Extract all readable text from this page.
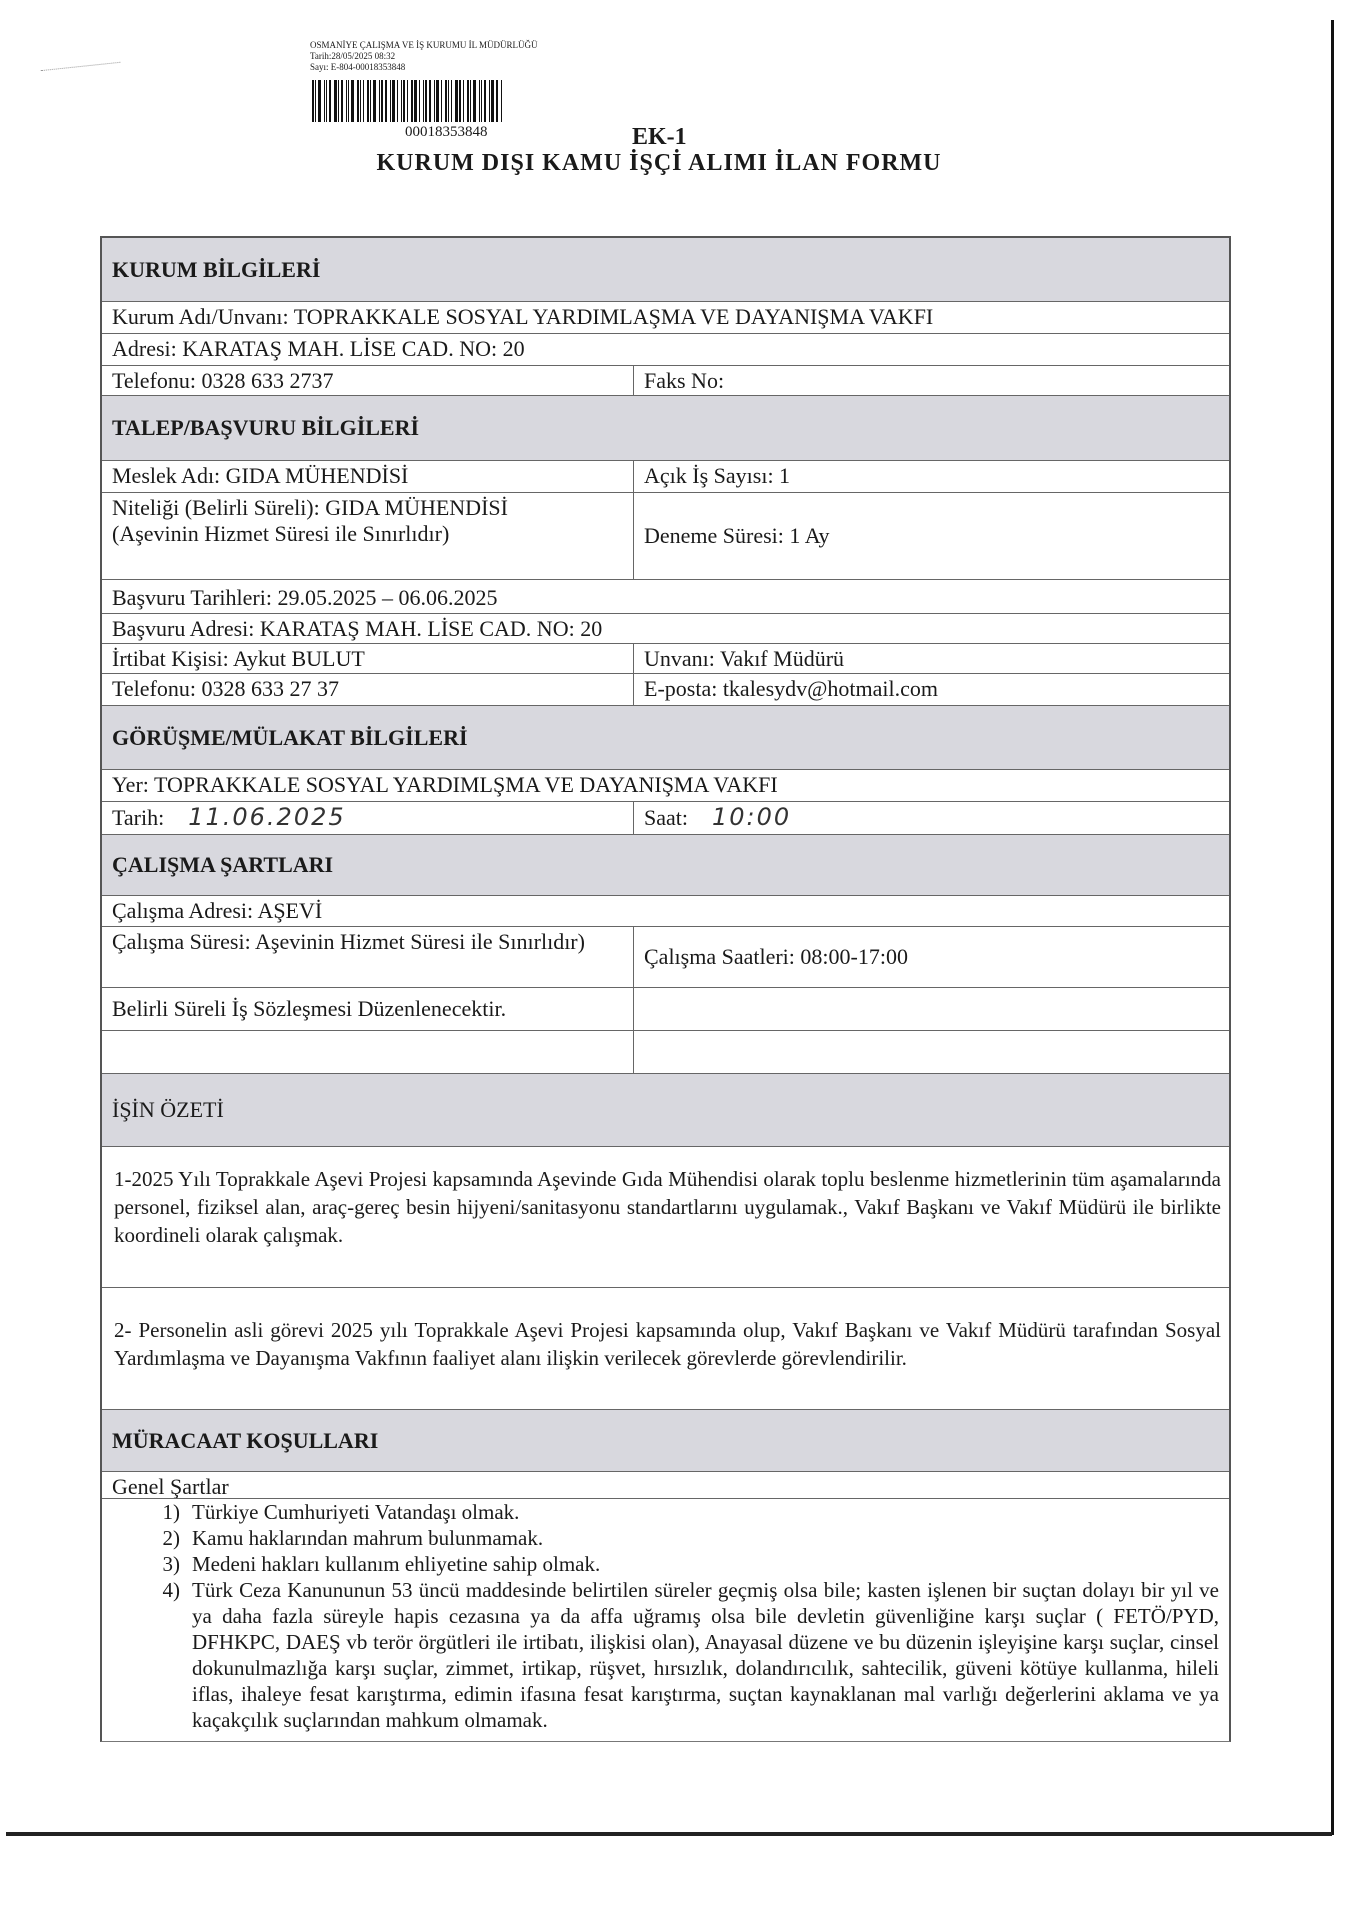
OSMANİYE ÇALIŞMA VE İŞ KURUMU İL MÜDÜRLÜĞÜ
Tarih:28/05/2025 08:32
Sayı: E-804-00018353848
00018353848	EK-1
KURUM DIŞI KAMU İŞÇİ ALIMI İLAN FORMU
KURUM BİLGİLERİ
Kurum Adı/Unvanı: TOPRAKKALE SOSYAL YARDIMLAŞMA VE DAYANIŞMA VAKFI
Adresi: KARATAŞ MAH. LİSE CAD. NO: 20
Telefonu: 0328 633 2737	Faks No:
TALEP/BAŞVURU BİLGİLERİ
Meslek Adı: GIDA MÜHENDİSİ	Açık İş Sayısı: 1
Niteliği (Belirli Süreli): GIDA MÜHENDİSİ
(Aşevinin Hizmet Süresi ile Sınırlıdır)	Deneme Süresi: 1 Ay
Başvuru Tarihleri: 29.05.2025 – 06.06.2025
Başvuru Adresi: KARATAŞ MAH. LİSE CAD. NO: 20
İrtibat Kişisi: Aykut BULUT	Unvanı: Vakıf Müdürü
Telefonu: 0328 633 27 37	E-posta: tkalesydv@hotmail.com
GÖRÜŞME/MÜLAKAT BİLGİLERİ
Yer: TOPRAKKALE SOSYAL YARDIMLŞMA VE DAYANIŞMA VAKFI
Tarih: 11.06.2025	Saat: 10:00
ÇALIŞMA ŞARTLARI
Çalışma Adresi: AŞEVİ
Çalışma Süresi: Aşevinin Hizmet Süresi ile Sınırlıdır)
Çalışma Saatleri: 08:00-17:00
Belirli Süreli İş Sözleşmesi Düzenlenecektir.
İŞİN ÖZETİ
1-2025 Yılı Toprakkale Aşevi Projesi kapsamında Aşevinde Gıda Mühendisi olarak toplu beslenme hizmetlerinin tüm aşamalarında personel, fiziksel alan, araç-gereç besin hijyeni/sanitasyonu standartlarını uygulamak., Vakıf Başkanı ve Vakıf Müdürü ile birlikte koordineli olarak çalışmak.
2- Personelin asli görevi 2025 yılı Toprakkale Aşevi Projesi kapsamında olup, Vakıf Başkanı ve Vakıf Müdürü tarafından Sosyal Yardımlaşma ve Dayanışma Vakfının faaliyet alanı ilişkin verilecek görevlerde görevlendirilir.
MÜRACAAT KOŞULLARI
Genel Şartlar
1) Türkiye Cumhuriyeti Vatandaşı olmak.
2) Kamu haklarından mahrum bulunmamak.
3) Medeni hakları kullanım ehliyetine sahip olmak.
4) Türk Ceza Kanununun 53 üncü maddesinde belirtilen süreler geçmiş olsa bile; kasten işlenen bir suçtan dolayı bir yıl ve ya daha fazla süreyle hapis cezasına ya da affa uğramış olsa bile devletin güvenliğine karşı suçlar ( FETÖ/PYD, DFHKPC, DAEŞ vb terör örgütleri ile irtibatı, ilişkisi olan), Anayasal düzene ve bu düzenin işleyişine karşı suçlar, cinsel dokunulmazlığa karşı suçlar, zimmet, irtikap, rüşvet, hırsızlık, dolandırıcılık, sahtecilik, güveni kötüye kullanma, hileli iflas, ihaleye fesat karıştırma, edimin ifasına fesat karıştırma, suçtan kaynaklanan mal varlığı değerlerini aklama ve ya kaçakçılık suçlarından mahkum olmamak.
